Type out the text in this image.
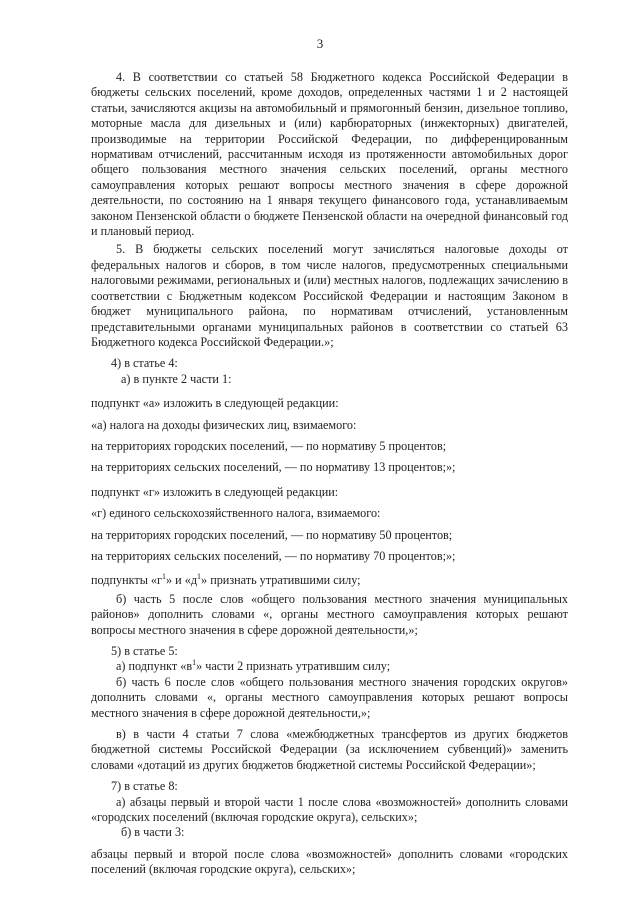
3

4. В соответствии со статьей 58 Бюджетного кодекса Российской Федерации в бюджеты сельских поселений, кроме доходов, определенных частями 1 и 2 настоящей статьи, зачисляются акцизы на автомобильный и прямогонный бензин, дизельное топливо, моторные масла для дизельных и (или) карбюраторных (инжекторных) двигателей, производимые на территории Российской Федерации, по дифференцированным нормативам отчислений, рассчитанным исходя из протяженности автомобильных дорог общего пользования местного значения сельских поселений, органы местного самоуправления которых решают вопросы местного значения в сфере дорожной деятельности, по состоянию на 1 января текущего финансового года, устанавливаемым законом Пензенской области о бюджете Пензенской области на очередной финансовый год и плановый период.

5. В бюджеты сельских поселений могут зачисляться налоговые доходы от федеральных налогов и сборов, в том числе налогов, предусмотренных специальными налоговыми режимами, региональных и (или) местных налогов, подлежащих зачислению в соответствии с Бюджетным кодексом Российской Федерации и настоящим Законом в бюджет муниципального района, по нормативам отчислений, установленным представительными органами муниципальных районов в соответствии со статьей 63 Бюджетного кодекса Российской Федерации.»;

4) в статье 4:

а) в пункте 2 части 1:

подпункт «а» изложить в следующей редакции:

«а) налога на доходы физических лиц, взимаемого:

на территориях городских поселений, — по нормативу 5 процентов;

на территориях сельских поселений, — по нормативу 13 процентов;»;

подпункт «г» изложить в следующей редакции:

«г) единого сельскохозяйственного налога, взимаемого:

на территориях городских поселений, — по нормативу 50 процентов;

на территориях сельских поселений, — по нормативу 70 процентов;»;

подпункты «$г^1$» и «$д^1$» признать утратившими силу;

б) часть 5 после слов «общего пользования местного значения муниципальных районов» дополнить словами «, органы местного самоуправления которых решают вопросы местного значения в сфере дорожной деятельности,»;

5) в статье 5:

а) подпункт «$в^1$» части 2 признать утратившим силу;

б) часть 6 после слов «общего пользования местного значения городских округов» дополнить словами «, органы местного самоуправления которых решают вопросы местного значения в сфере дорожной деятельности,»;

в) в части 4 статьи 7 слова «межбюджетных трансфертов из других бюджетов бюджетной системы Российской Федерации (за исключением субвенций)» заменить словами «дотаций из других бюджетов бюджетной системы Российской Федерации»;

7) в статье 8:

а) абзацы первый и второй части 1 после слова «возможностей» дополнить словами «городских поселений (включая городские округа), сельских»;

б) в части 3:

абзацы первый и второй после слова «возможностей» дополнить словами «городских поселений (включая городские округа), сельских»;
